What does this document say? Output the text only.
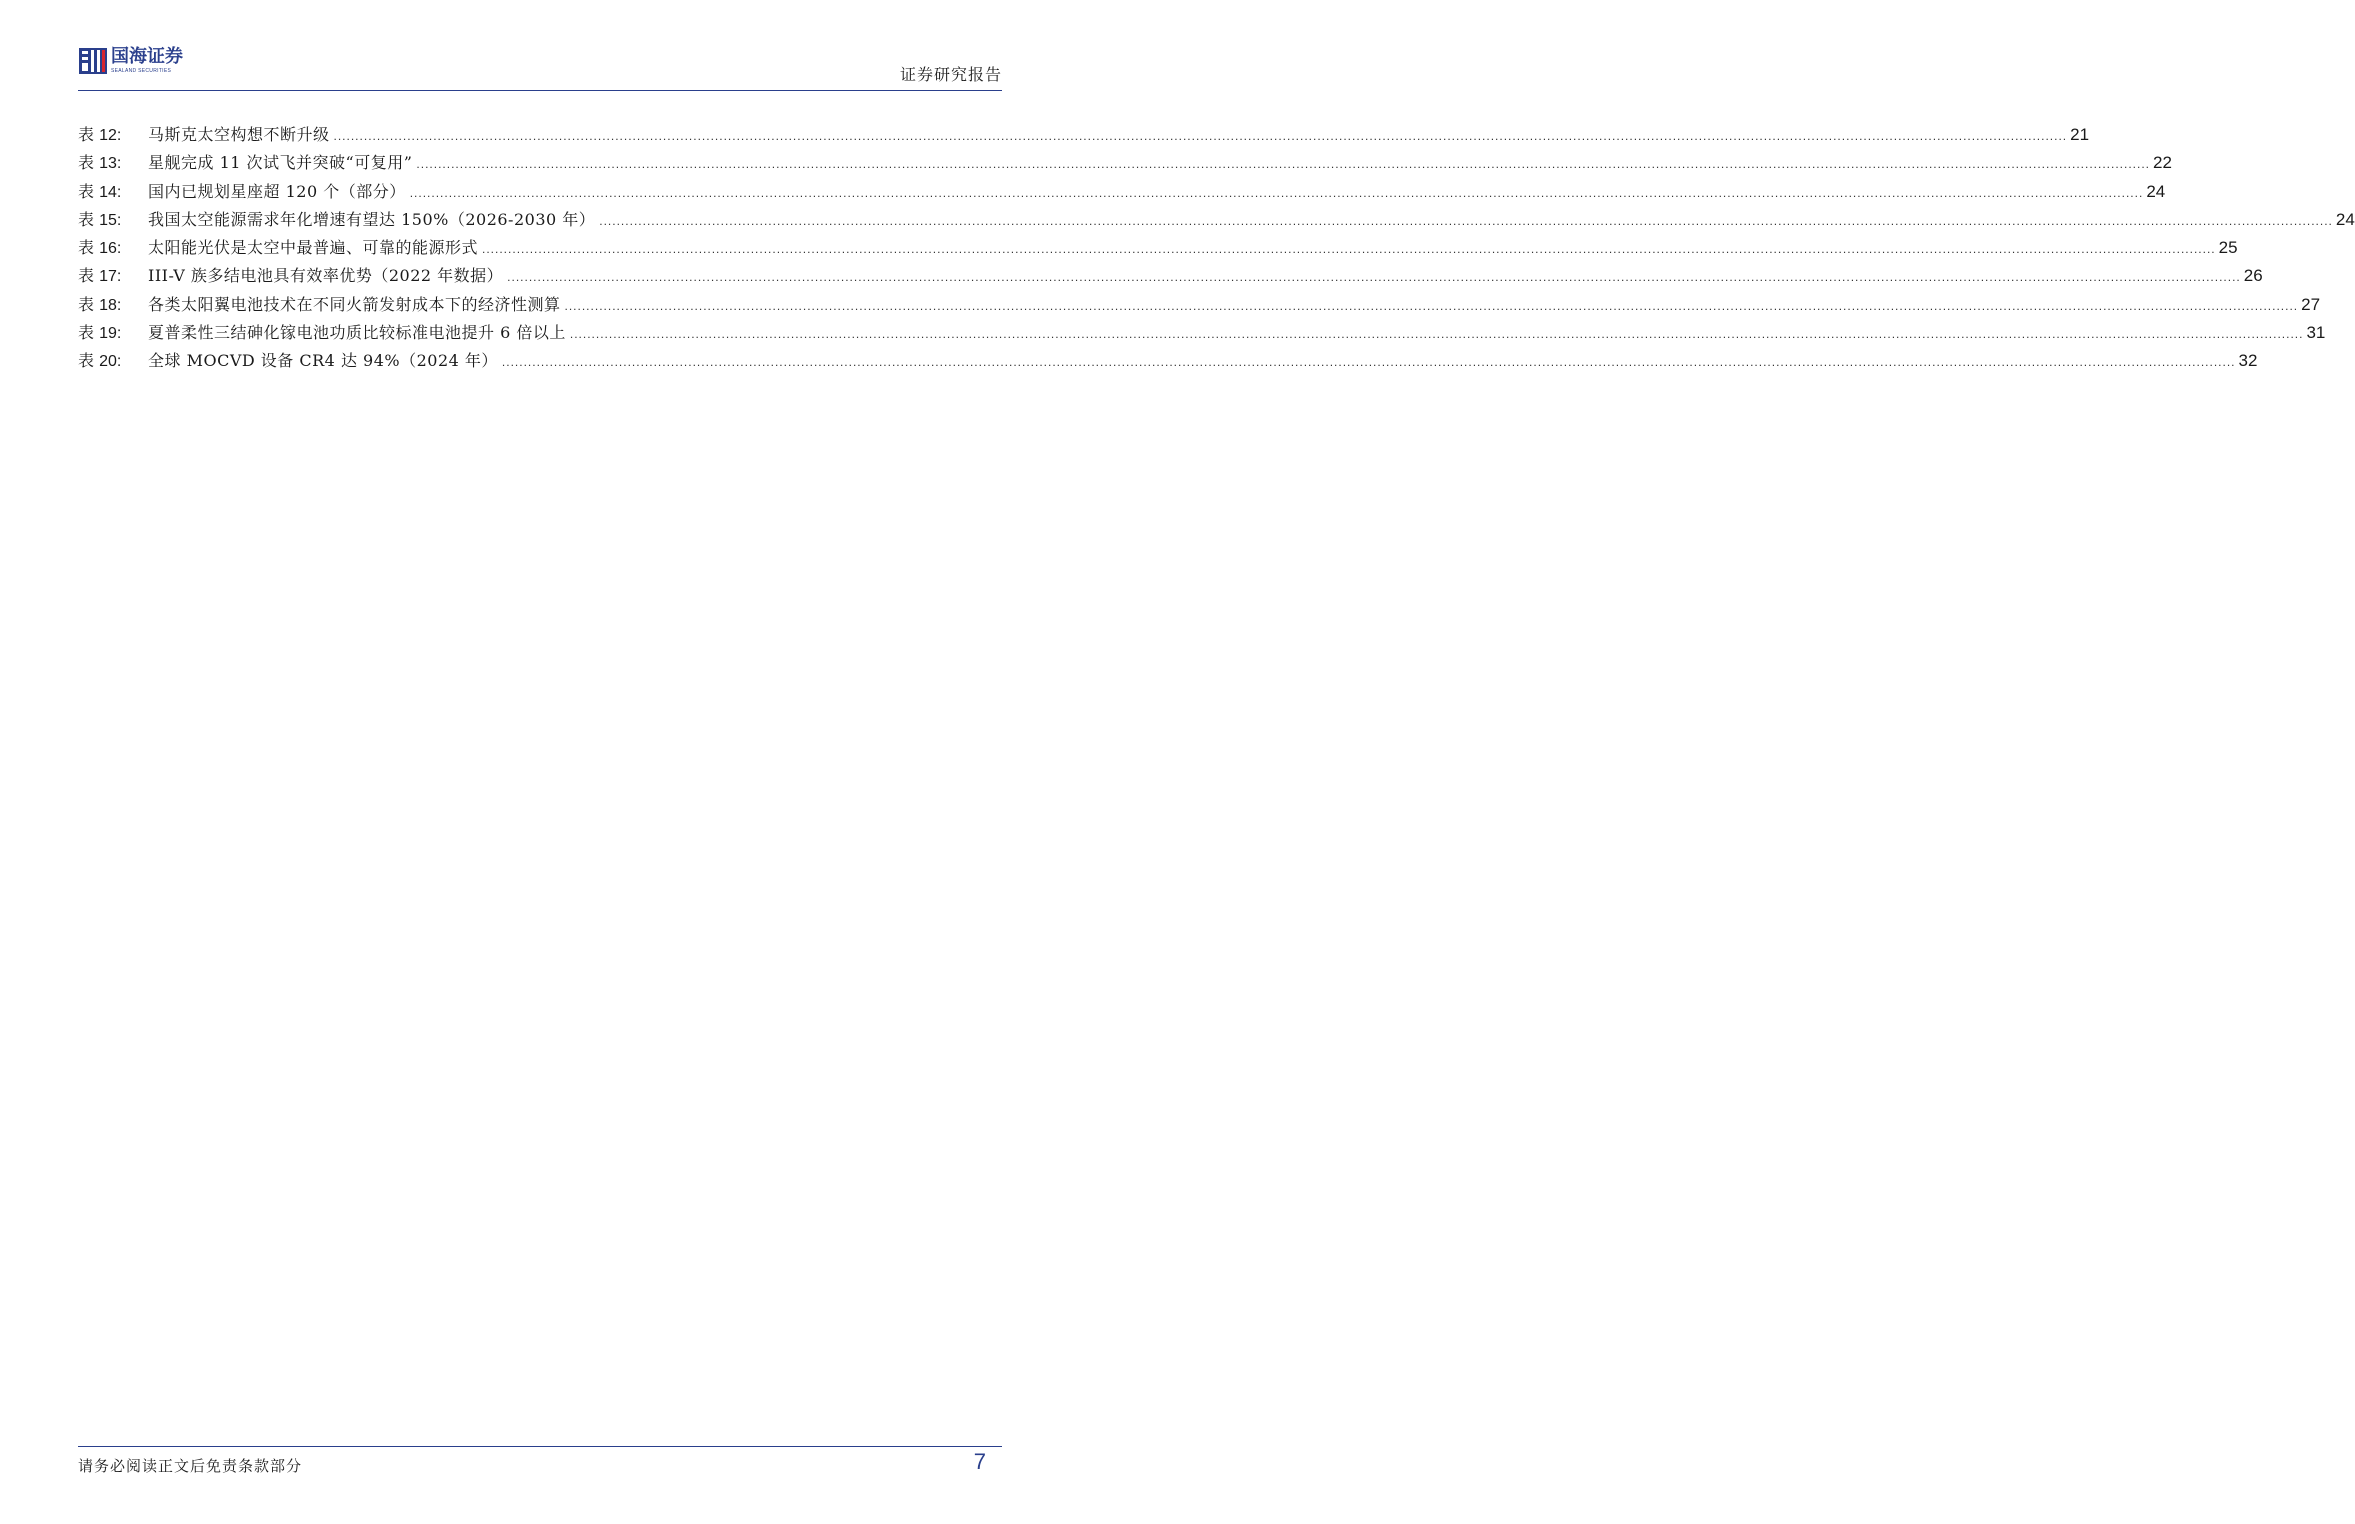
国海证券
SEALAND SECURITIES	证券研究报告
表 12:	马斯克太空构想不断升级 ................................................................................................................................................................................................................................................................................................................................................................................................................ 21
表 13:	星舰完成 11 次试飞并突破“可复用” ................................................................................................................................................................................................................................................................................................................................................................................................................ 22
表 14:	国内已规划星座超 120 个（部分） ................................................................................................................................................................................................................................................................................................................................................................................................................ 24
表 15:	我国太空能源需求年化增速有望达 150%（2026-2030 年） ................................................................................................................................................................................................................................................................................................................................................................................................................ 24
表 16:	太阳能光伏是太空中最普遍、可靠的能源形式 ................................................................................................................................................................................................................................................................................................................................................................................................................ 25
表 17:	III-V 族多结电池具有效率优势（2022 年数据） ................................................................................................................................................................................................................................................................................................................................................................................................................ 26
表 18:	各类太阳翼电池技术在不同火箭发射成本下的经济性测算 ................................................................................................................................................................................................................................................................................................................................................................................................................ 27
表 19:	夏普柔性三结砷化镓电池功质比较标准电池提升 6 倍以上 ................................................................................................................................................................................................................................................................................................................................................................................................................ 31
表 20:	全球 MOCVD 设备 CR4 达 94%（2024 年） ................................................................................................................................................................................................................................................................................................................................................................................................................ 32
请务必阅读正文后免责条款部分	7
